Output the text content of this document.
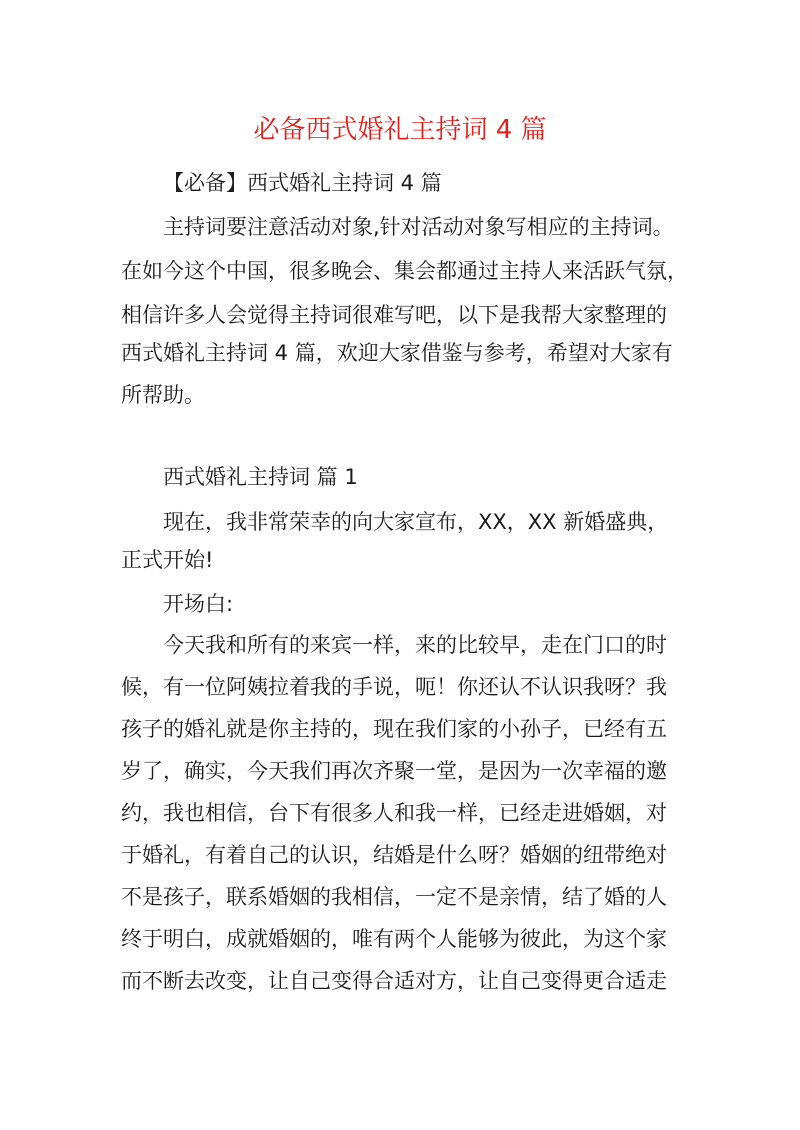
必备西式婚礼主持词 4 篇
【必备】西式婚礼主持词 4 篇
主持词要注意活动对象,针对活动对象写相应的主持词。
在如今这个中国，很多晚会、集会都通过主持人来活跃气氛，
相信许多人会觉得主持词很难写吧，以下是我帮大家整理的
西式婚礼主持词 4 篇，欢迎大家借鉴与参考，希望对大家有
所帮助。
西式婚礼主持词 篇 1
现在，我非常荣幸的向大家宣布，XX，XX 新婚盛典，
正式开始!
开场白:
今天我和所有的来宾一样，来的比较早，走在门口的时
候，有一位阿姨拉着我的手说，呃！你还认不认识我呀？我
孩子的婚礼就是你主持的，现在我们家的小孙子，已经有五
岁了，确实，今天我们再次齐聚一堂，是因为一次幸福的邀
约，我也相信，台下有很多人和我一样，已经走进婚姻，对
于婚礼，有着自己的认识，结婚是什么呀？婚姻的纽带绝对
不是孩子，联系婚姻的我相信，一定不是亲情，结了婚的人
终于明白，成就婚姻的，唯有两个人能够为彼此，为这个家
而不断去改变，让自己变得合适对方，让自己变得更合适走
